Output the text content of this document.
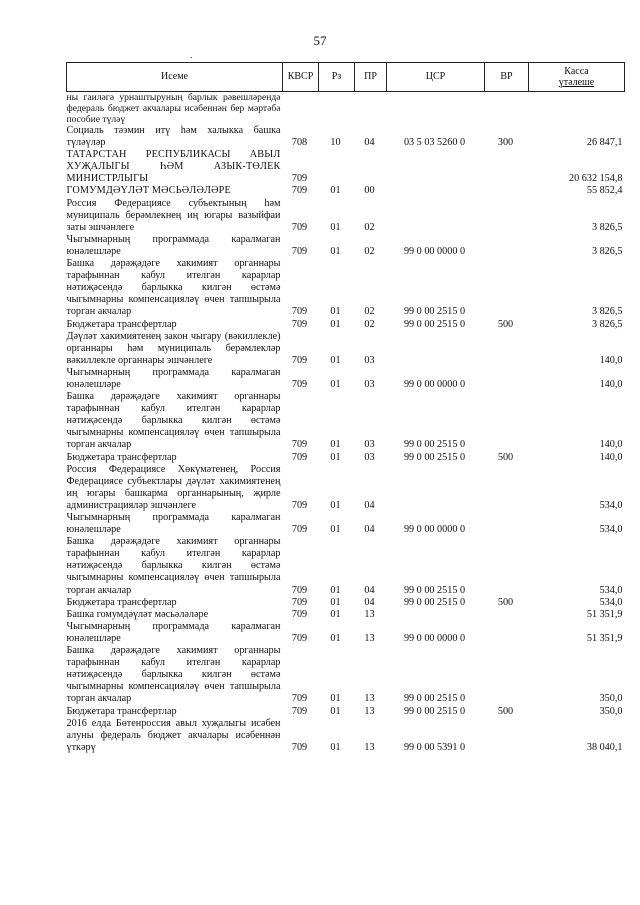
57
.
Исеме	КВСР	Рз	ПР	ЦСР	ВР	Касса
үтәлеше

ны гаиләгә урнаштыруның барлык рәвешләрендә федераль бюджет акчалары исәбеннән бер мәртәбә пособие түләү						
Социаль тәэмин итү һәм халыкка башка түләүләр	708	10	04	03 5 03 5260 0	300	26 847,1
ТАТАРСТАН РЕСПУБЛИКАСЫ АВЫЛ ХУҖАЛЫГЫ ҺӘМ АЗЫК-ТӨЛЕК МИНИСТРЛЫГЫ	709					20 632 154,8
ГОМУМДӘҮЛӘТ МӘСЬӘЛӘЛӘРЕ	709	01	00			55 852,4
Россия Федерациясе субъектының һәм муниципаль берәмлекнең иң югары вазыйфаи заты эшчәнлеге	709	01	02			3 826,5
Чыгымнарның программада каралмаган юнәлешләре	709	01	02	99 0 00 0000 0		3 826,5
Башка дәрәҗәдәге хакимият органнары тарафыннан кабул ителгән карарлар нәтиҗәсендә барлыкка килгән өстәмә чыгымнарны компенсацияләү өчен тапшырыла торган акчалар	709	01	02	99 0 00 2515 0		3 826,5
Бюджетара трансфертлар	709	01	02	99 0 00 2515 0	500	3 826,5
Дәүләт хакимиятенең закон чыгару (вәкиллекле) органнары һәм муниципаль берәмлекләр вәкиллекле органнары эшчәнлеге	709	01	03			140,0
Чыгымнарның программада каралмаган юнәлешләре	709	01	03	99 0 00 0000 0		140,0
Башка дәрәҗәдәге хакимият органнары тарафыннан кабул ителгән карарлар нәтиҗәсендә барлыкка килгән өстәмә чыгымнарны компенсацияләү өчен тапшырыла торган акчалар	709	01	03	99 0 00 2515 0		140,0
Бюджетара трансфертлар	709	01	03	99 0 00 2515 0	500	140,0
Россия Федерациясе Хөкүмәтенең, Россия Федерациясе субъектлары дәүләт хакимиятенең иң югары башкарма органнарының, җирле администрацияләр эшчәнлеге	709	01	04			534,0
Чыгымнарның программада каралмаган юнәлешләре	709	01	04	99 0 00 0000 0		534,0
Башка дәрәҗәдәге хакимият органнары тарафыннан кабул ителгән карарлар нәтиҗәсендә барлыкка килгән өстәмә чыгымнарны компенсацияләү өчен тапшырыла торган акчалар	709	01	04	99 0 00 2515 0		534,0
Бюджетара трансфертлар	709	01	04	99 0 00 2515 0	500	534,0
Башка гомумдәүләт мәсьәләләре	709	01	13			51 351,9
Чыгымнарның программада каралмаган юнәлешләре	709	01	13	99 0 00 0000 0		51 351,9
Башка дәрәҗәдәге хакимият органнары тарафыннан кабул ителгән карарлар нәтиҗәсендә барлыкка килгән өстәмә чыгымнарны компенсацияләү өчен тапшырыла торган акчалар	709	01	13	99 0 00 2515 0		350,0
Бюджетара трансфертлар	709	01	13	99 0 00 2515 0	500	350,0
2016 елда Бөтенроссия авыл хуҗалыгы исәбен алуны федераль бюджет акчалары исәбеннән үткәрү	709	01	13	99 0 00 5391 0		38 040,1
